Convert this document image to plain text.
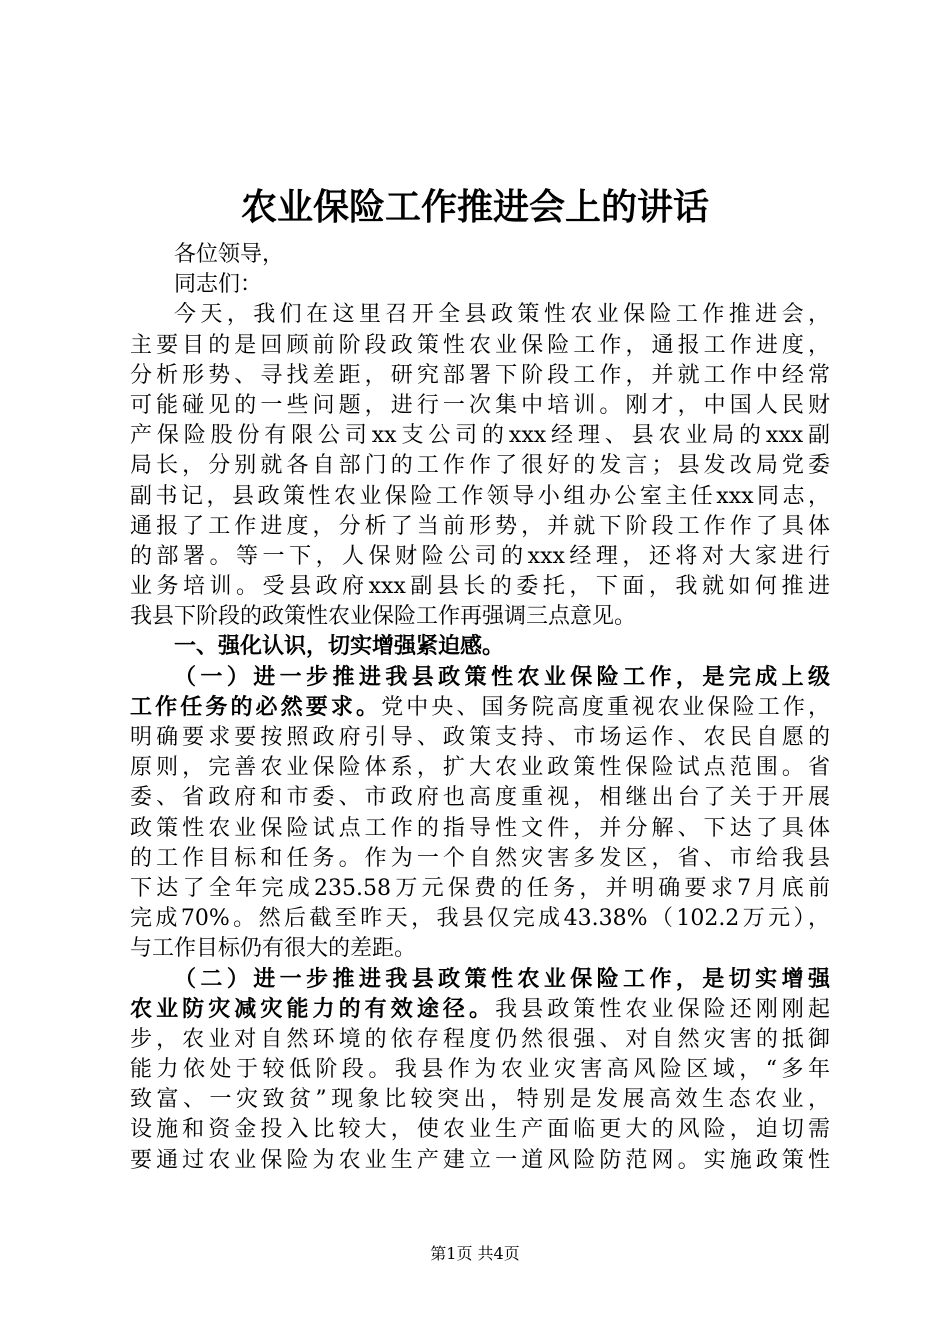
农业保险工作推进会上的讲话
各位领导，
同志们：
今天，我们在这里召开全县政策性农业保险工作推进会，
主要目的是回顾前阶段政策性农业保险工作，通报工作进度，
分析形势、寻找差距，研究部署下阶段工作，并就工作中经常
可能碰见的一些问题，进行一次集中培训。刚才，中国人民财
产保险股份有限公司xx支公司的xxx经理、县农业局的xxx副
局长，分别就各自部门的工作作了很好的发言；县发改局党委
副书记，县政策性农业保险工作领导小组办公室主任xxx同志，
通报了工作进度，分析了当前形势，并就下阶段工作作了具体
的部署。等一下，人保财险公司的xxx经理，还将对大家进行
业务培训。受县政府xxx副县长的委托，下面，我就如何推进
我县下阶段的政策性农业保险工作再强调三点意见。
一、强化认识，切实增强紧迫感。
（一）进一步推进我县政策性农业保险工作，是完成上级
工作任务的必然要求。党中央、国务院高度重视农业保险工作，
明确要求要按照政府引导、政策支持、市场运作、农民自愿的
原则，完善农业保险体系，扩大农业政策性保险试点范围。省
委、省政府和市委、市政府也高度重视，相继出台了关于开展
政策性农业保险试点工作的指导性文件，并分解、下达了具体
的工作目标和任务。作为一个自然灾害多发区，省、市给我县
下达了全年完成235.58万元保费的任务，并明确要求7月底前
完成70%。然后截至昨天，我县仅完成43.38%（102.2万元），
与工作目标仍有很大的差距。
（二）进一步推进我县政策性农业保险工作，是切实增强
农业防灾减灾能力的有效途径。我县政策性农业保险还刚刚起
步，农业对自然环境的依存程度仍然很强、对自然灾害的抵御
能力依处于较低阶段。我县作为农业灾害高风险区域，“多年
致富、一灾致贫”现象比较突出，特别是发展高效生态农业，
设施和资金投入比较大，使农业生产面临更大的风险，迫切需
要通过农业保险为农业生产建立一道风险防范网。实施政策性
第1页 共4页
